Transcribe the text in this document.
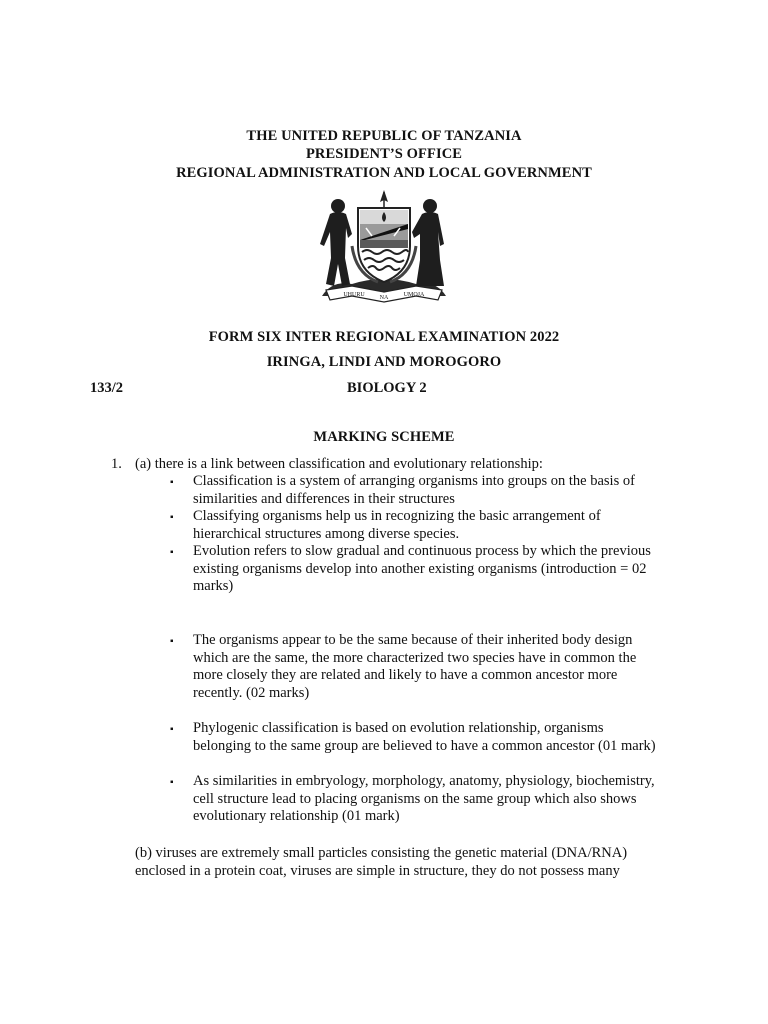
THE UNITED REPUBLIC OF TANZANIA
PRESIDENT’S OFFICE
REGIONAL ADMINISTRATION AND LOCAL GOVERNMENT
UHURU NA	UMOJA
FORM SIX INTER REGIONAL EXAMINATION 2022
IRINGA, LINDI AND MOROGORO
133/2	BIOLOGY 2
MARKING SCHEME
1. (a) there is a link between classification and evolutionary relationship:
▪ Classification is a system of arranging organisms into groups on the basis of
similarities and differences in their structures
▪ Classifying organisms help us in recognizing the basic arrangement of
hierarchical structures among diverse species.
▪ Evolution refers to slow gradual and continuous process by which the previous
existing organisms develop into another existing organisms (introduction = 02
marks)
▪ The organisms appear to be the same because of their inherited body design
which are the same, the more characterized two species have in common the
more closely they are related and likely to have a common ancestor more
recently. (02 marks)
▪ Phylogenic classification is based on evolution relationship, organisms
belonging to the same group are believed to have a common ancestor (01 mark)
▪ As similarities in embryology, morphology, anatomy, physiology, biochemistry,
cell structure lead to placing organisms on the same group which also shows
evolutionary relationship (01 mark)
(b) viruses are extremely small particles consisting the genetic material (DNA/RNA)
enclosed in a protein coat, viruses are simple in structure, they do not possess many
